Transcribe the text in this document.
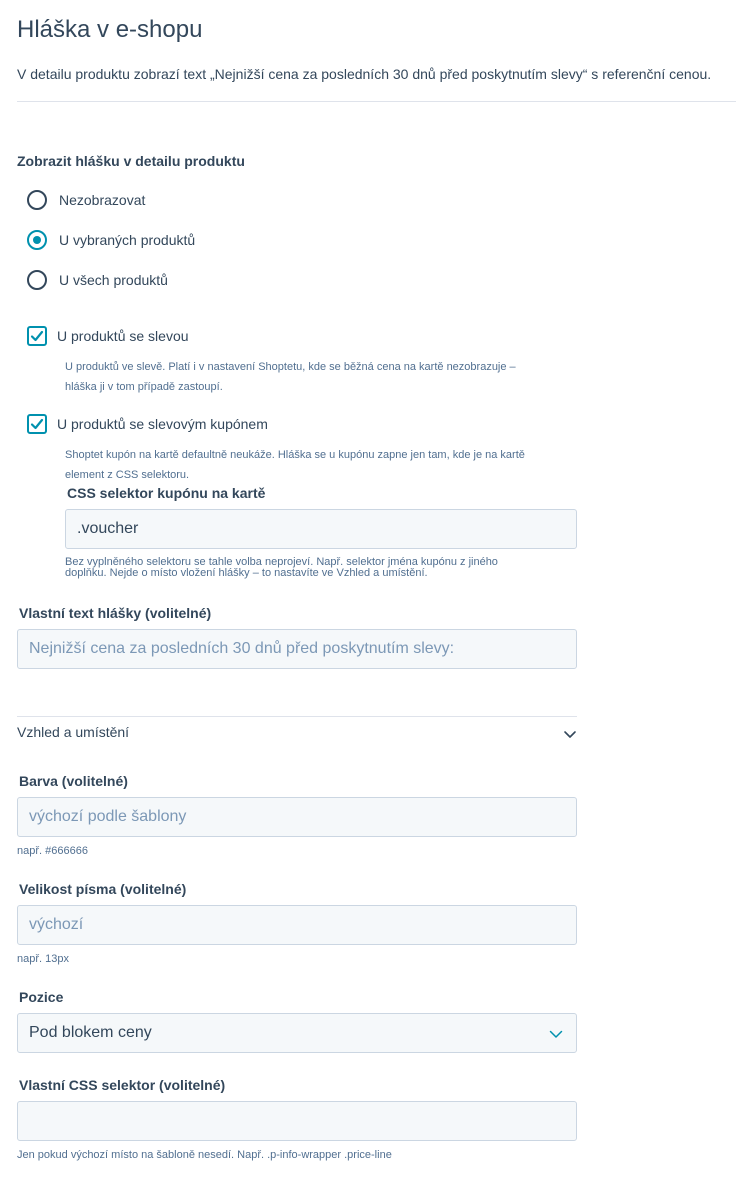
Hláška v e-shopu
V detailu produktu zobrazí text „Nejnižší cena za posledních 30 dnů před poskytnutím slevy“ s referenční cenou.
Zobrazit hlášku v detailu produktu
Nezobrazovat
U vybraných produktů
U všech produktů
U produktů se slevou
U produktů ve slevě. Platí i v nastavení Shoptetu, kde se běžná cena na kartě nezobrazuje –
hláška ji v tom případě zastoupí.
U produktů se slevovým kupónem
Shoptet kupón na kartě defaultně neukáže. Hláška se u kupónu zapne jen tam, kde je na kartě
element z CSS selektoru.
CSS selektor kupónu na kartě
.voucher
Bez vyplněného selektoru se tahle volba neprojeví. Např. selektor jména kupónu z jiného
doplňku. Nejde o místo vložení hlášky – to nastavíte ve Vzhled a umístění.
Vlastní text hlášky (volitelné)
Nejnižší cena za posledních 30 dnů před poskytnutím slevy:
Vzhled a umístění
Barva (volitelné)
výchozí podle šablony
např. #666666
Velikost písma (volitelné)
výchozí
např. 13px
Pozice
Pod blokem ceny
Vlastní CSS selektor (volitelné)
Jen pokud výchozí místo na šabloně nesedí. Např. .p-info-wrapper .price-line
